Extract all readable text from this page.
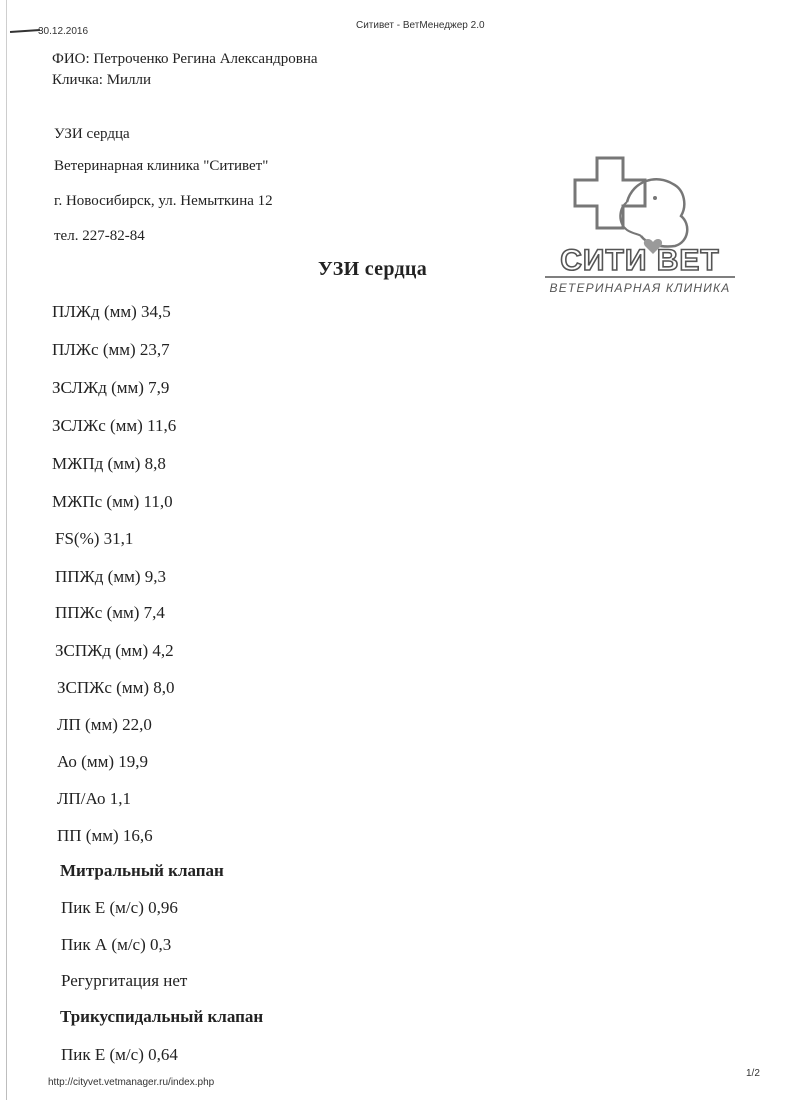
30.12.2016
Ситивет - ВетМенеджер 2.0
ФИО: Петроченко Регина Александровна
Кличка: Милли
УЗИ сердца
Ветеринарная клиника "Ситивет"
г. Новосибирск, ул. Немыткина 12
тел. 227-82-84
СИТИ ВЕТ
ВЕТЕРИНАРНАЯ КЛИНИКА
УЗИ сердца
ПЛЖд (мм) 34,5
ПЛЖс (мм) 23,7
ЗСЛЖд (мм) 7,9
ЗСЛЖс (мм) 11,6
МЖПд (мм) 8,8
МЖПс (мм) 11,0
FS(%) 31,1
ППЖд (мм) 9,3
ППЖс (мм) 7,4
ЗСПЖд (мм) 4,2
ЗСПЖс (мм) 8,0
ЛП (мм) 22,0
Ао (мм) 19,9
ЛП/Ао 1,1
ПП (мм) 16,6
Митральный клапан
Пик Е (м/с) 0,96
Пик А (м/с) 0,3
Регургитация нет
Трикуспидальный клапан
Пик Е (м/с) 0,64
http://cityvet.vetmanager.ru/index.php
1/2
